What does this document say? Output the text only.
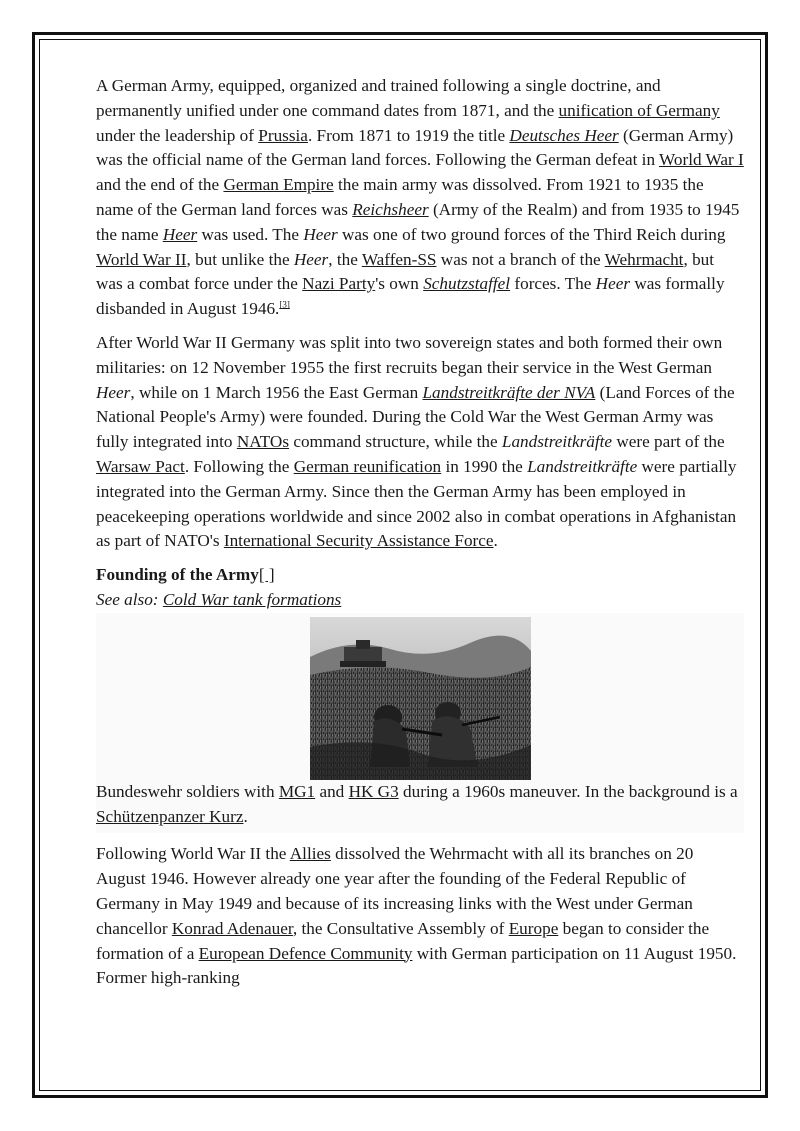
A German Army, equipped, organized and trained following a single doctrine, and permanently unified under one command dates from 1871, and the unification of Germany under the leadership of Prussia. From 1871 to 1919 the title Deutsches Heer (German Army) was the official name of the German land forces. Following the German defeat in World War I and the end of the German Empire the main army was dissolved. From 1921 to 1935 the name of the German land forces was Reichsheer (Army of the Realm) and from 1935 to 1945 the name Heer was used. The Heer was one of two ground forces of the Third Reich during World War II, but unlike the Heer, the Waffen-SS was not a branch of the Wehrmacht, but was a combat force under the Nazi Party's own Schutzstaffel forces. The Heer was formally disbanded in August 1946.[3]

After World War II Germany was split into two sovereign states and both formed their own militaries: on 12 November 1955 the first recruits began their service in the West German Heer, while on 1 March 1956 the East German Landstreitkräfte der NVA (Land Forces of the National People's Army) were founded. During the Cold War the West German Army was fully integrated into NATOs command structure, while the Landstreitkräfte were part of the Warsaw Pact. Following the German reunification in 1990 the Landstreitkräfte were partially integrated into the German Army. Since then the German Army has been employed in peacekeeping operations worldwide and since 2002 also in combat operations in Afghanistan as part of NATO's International Security Assistance Force.

Founding of the Army[ ]
See also: Cold War tank formations

Bundeswehr soldiers with MG1 and HK G3 during a 1960s maneuver. In the background is a Schützenpanzer Kurz.

Following World War II the Allies dissolved the Wehrmacht with all its branches on 20 August 1946. However already one year after the founding of the Federal Republic of Germany in May 1949 and because of its increasing links with the West under German chancellor Konrad Adenauer, the Consultative Assembly of Europe began to consider the formation of a European Defence Community with German participation on 11 August 1950. Former high-ranking
